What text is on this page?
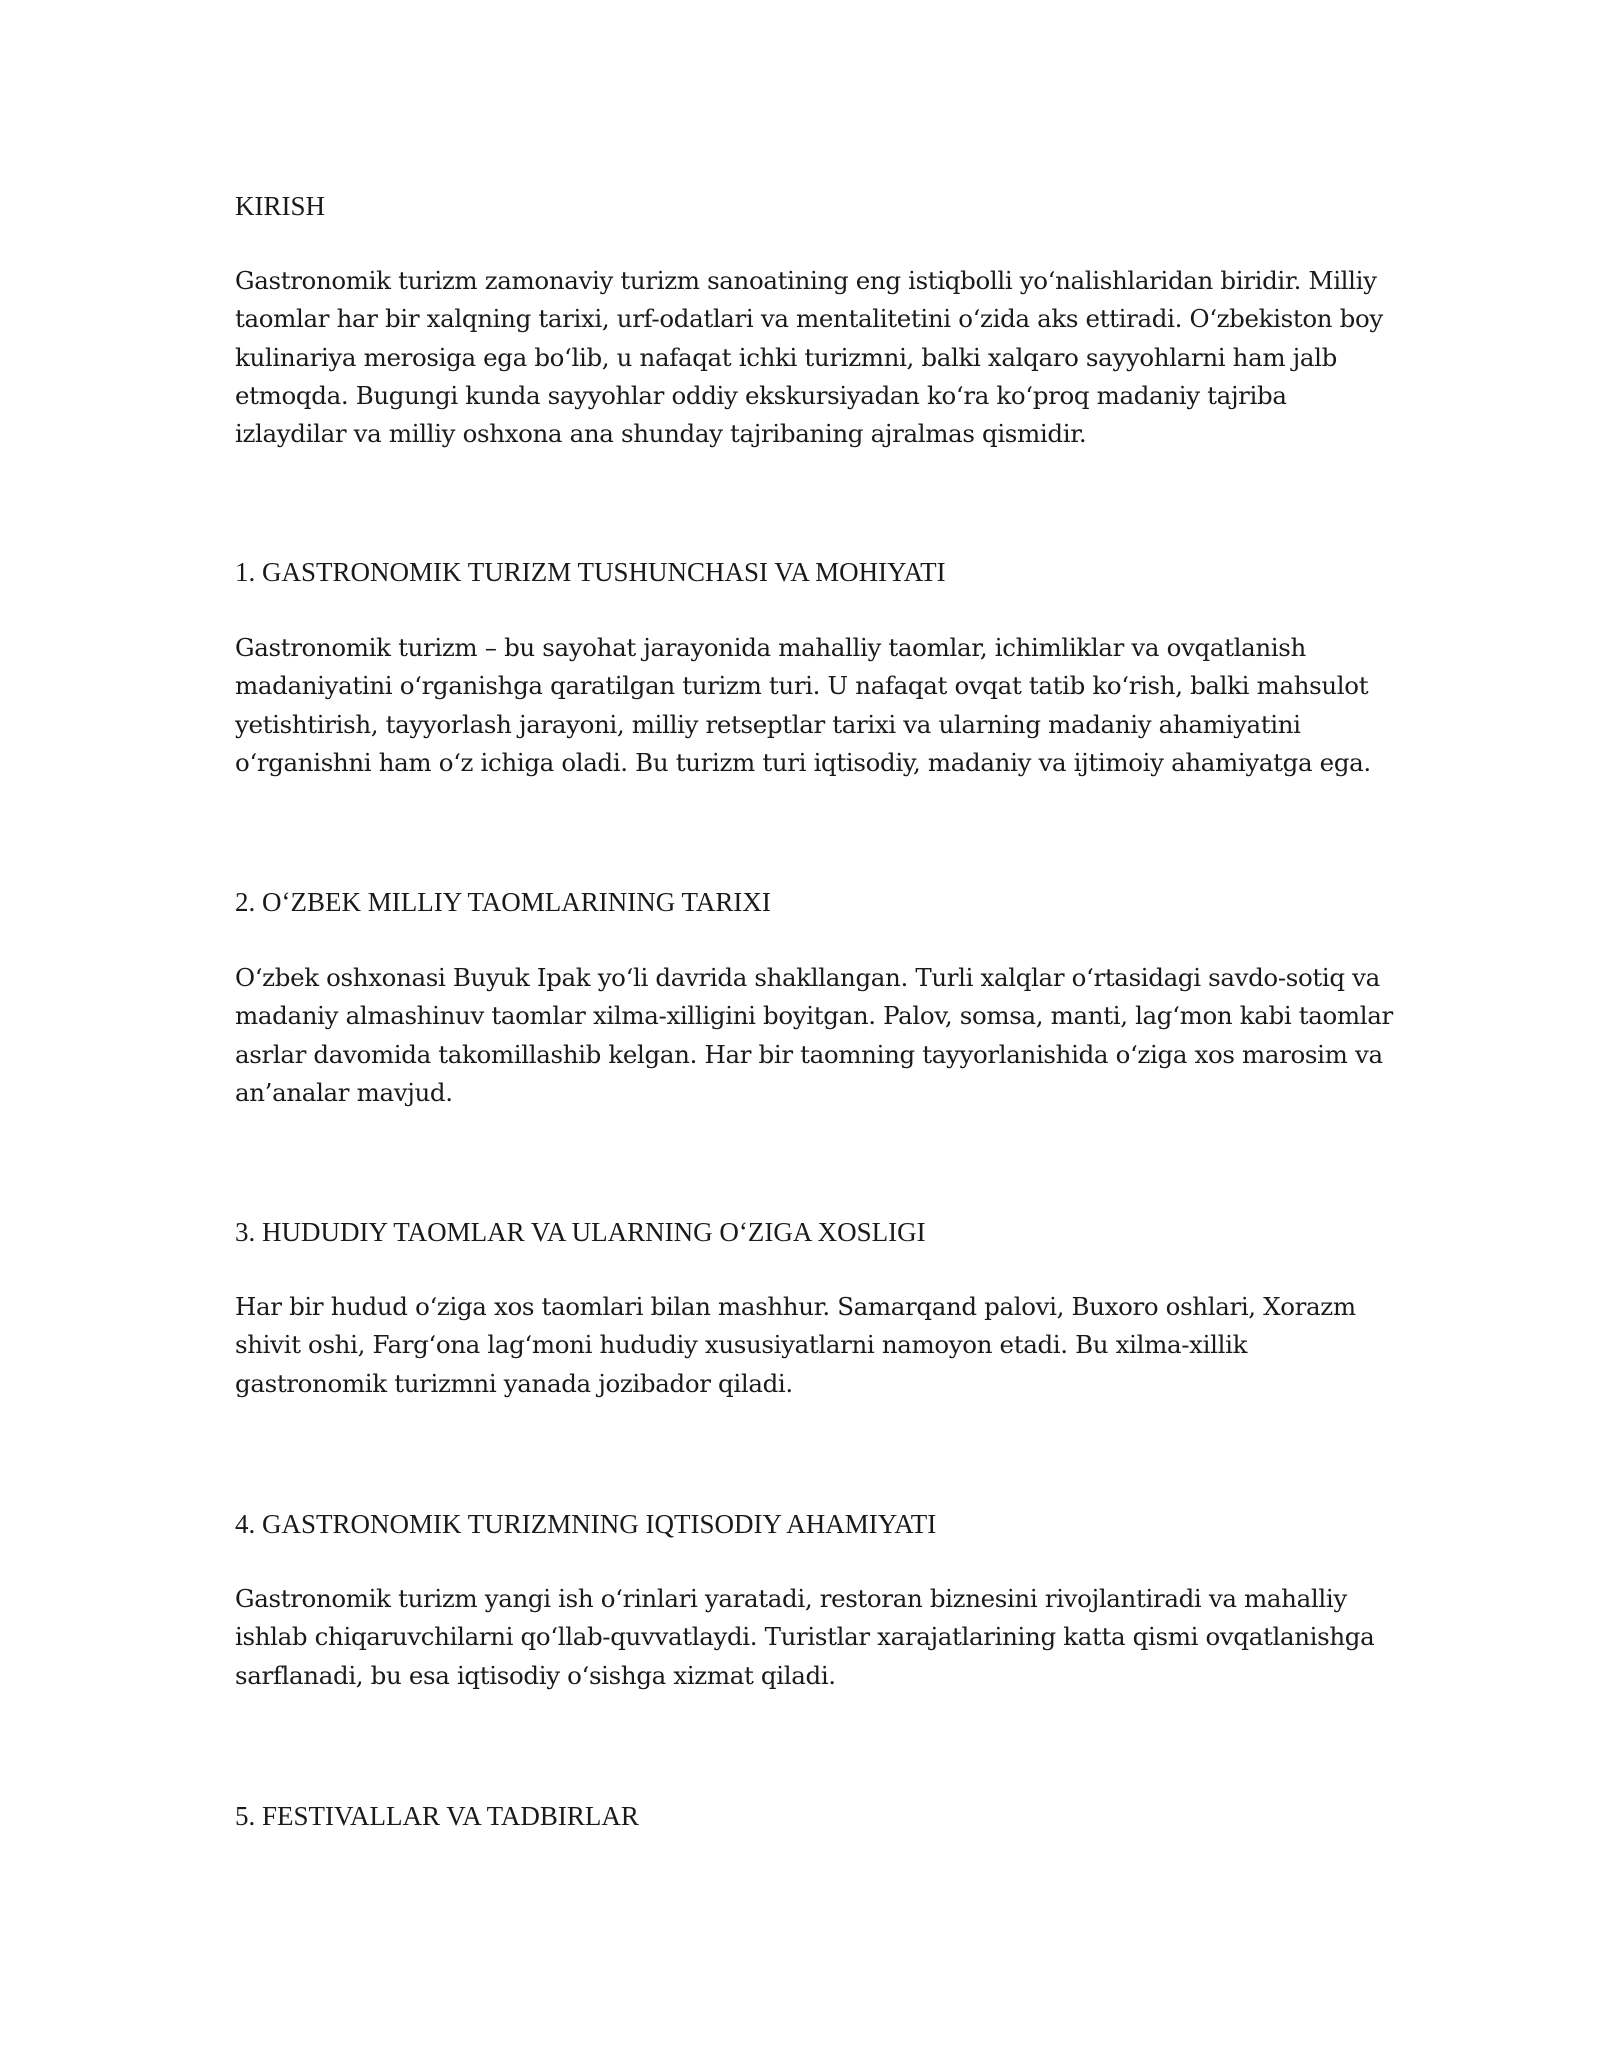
KIRISH

Gastronomik turizm zamonaviy turizm sanoatining eng istiqbolli yo‘nalishlaridan biridir. Milliy taomlar har bir xalqning tarixi, urf-odatlari va mentalitetini o‘zida aks ettiradi. O‘zbekiston boy kulinariya merosiga ega bo‘lib, u nafaqat ichki turizmni, balki xalqaro sayyohlarni ham jalb etmoqda. Bugungi kunda sayyohlar oddiy ekskursiyadan ko‘ra ko‘proq madaniy tajriba izlaydilar va milliy oshxona ana shunday tajribaning ajralmas qismidir.

1. GASTRONOMIK TURIZM TUSHUNCHASI VA MOHIYATI

Gastronomik turizm – bu sayohat jarayonida mahalliy taomlar, ichimliklar va ovqatlanish madaniyatini o‘rganishga qaratilgan turizm turi. U nafaqat ovqat tatib ko‘rish, balki mahsulot yetishtirish, tayyorlash jarayoni, milliy retseptlar tarixi va ularning madaniy ahamiyatini o‘rganishni ham o‘z ichiga oladi. Bu turizm turi iqtisodiy, madaniy va ijtimoiy ahamiyatga ega.

2. O‘ZBEK MILLIY TAOMLARINING TARIXI

O‘zbek oshxonasi Buyuk Ipak yo‘li davrida shakllangan. Turli xalqlar o‘rtasidagi savdo-sotiq va madaniy almashinuv taomlar xilma-xilligini boyitgan. Palov, somsa, manti, lag‘mon kabi taomlar asrlar davomida takomillashib kelgan. Har bir taomning tayyorlanishida o‘ziga xos marosim va an’analar mavjud.

3. HUDUDIY TAOMLAR VA ULARNING O‘ZIGA XOSLIGI

Har bir hudud o‘ziga xos taomlari bilan mashhur. Samarqand palovi, Buxoro oshlari, Xorazm shivit oshi, Farg‘ona lag‘moni hududiy xususiyatlarni namoyon etadi. Bu xilma-xillik gastronomik turizmni yanada jozibador qiladi.

4. GASTRONOMIK TURIZMNING IQTISODIY AHAMIYATI

Gastronomik turizm yangi ish o‘rinlari yaratadi, restoran biznesini rivojlantiradi va mahalliy ishlab chiqaruvchilarni qo‘llab-quvvatlaydi. Turistlar xarajatlarining katta qismi ovqatlanishga sarflanadi, bu esa iqtisodiy o‘sishga xizmat qiladi.

5. FESTIVALLAR VA TADBIRLAR
